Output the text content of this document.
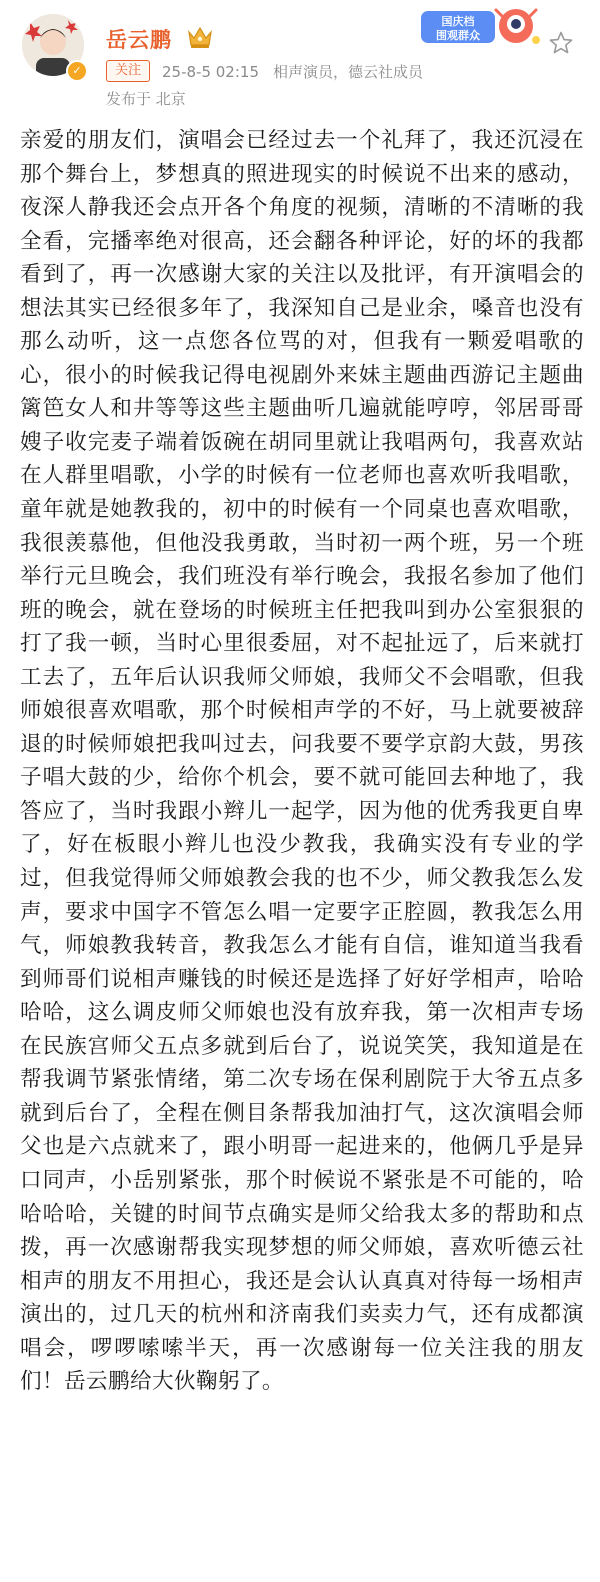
✓
岳云鹏
关注	25-8-5 02:15 相声演员，德云社成员
发布于 北京
国庆档
围观群众
亲爱的朋友们，演唱会已经过去一个礼拜了，我还沉浸在那个舞台上，梦想真的照进现实的时候说不出来的感动，夜深人静我还会点开各个角度的视频，清晰的不清晰的我全看，完播率绝对很高，还会翻各种评论，好的坏的我都看到了，再一次感谢大家的关注以及批评，有开演唱会的想法其实已经很多年了，我深知自己是业余，嗓音也没有那么动听，这一点您各位骂的对，但我有一颗爱唱歌的心，很小的时候我记得电视剧外来妹主题曲西游记主题曲篱笆女人和井等等这些主题曲听几遍就能哼哼，邻居哥哥嫂子收完麦子端着饭碗在胡同里就让我唱两句，我喜欢站在人群里唱歌，小学的时候有一位老师也喜欢听我唱歌，童年就是她教我的，初中的时候有一个同桌也喜欢唱歌，我很羡慕他，但他没我勇敢，当时初一两个班，另一个班举行元旦晚会，我们班没有举行晚会，我报名参加了他们班的晚会，就在登场的时候班主任把我叫到办公室狠狠的打了我一顿，当时心里很委屈，对不起扯远了，后来就打工去了，五年后认识我师父师娘，我师父不会唱歌，但我师娘很喜欢唱歌，那个时候相声学的不好，马上就要被辞退的时候师娘把我叫过去，问我要不要学京韵大鼓，男孩子唱大鼓的少，给你个机会，要不就可能回去种地了，我答应了，当时我跟小辫儿一起学，因为他的优秀我更自卑了，好在板眼小辫儿也没少教我，我确实没有专业的学过，但我觉得师父师娘教会我的也不少，师父教我怎么发声，要求中国字不管怎么唱一定要字正腔圆，教我怎么用气，师娘教我转音，教我怎么才能有自信，谁知道当我看到师哥们说相声赚钱的时候还是选择了好好学相声，哈哈哈哈，这么调皮师父师娘也没有放弃我，第一次相声专场在民族宫师父五点多就到后台了，说说笑笑，我知道是在帮我调节紧张情绪，第二次专场在保利剧院于大爷五点多就到后台了，全程在侧目条帮我加油打气，这次演唱会师父也是六点就来了，跟小明哥一起进来的，他俩几乎是异口同声，小岳别紧张，那个时候说不紧张是不可能的，哈哈哈哈，关键的时间节点确实是师父给我太多的帮助和点拨，再一次感谢帮我实现梦想的师父师娘，喜欢听德云社相声的朋友不用担心，我还是会认认真真对待每一场相声演出的，过几天的杭州和济南我们卖卖力气，还有成都演唱会，啰啰嗦嗦半天，再一次感谢每一位关注我的朋友们！岳云鹏给大伙鞠躬了。
